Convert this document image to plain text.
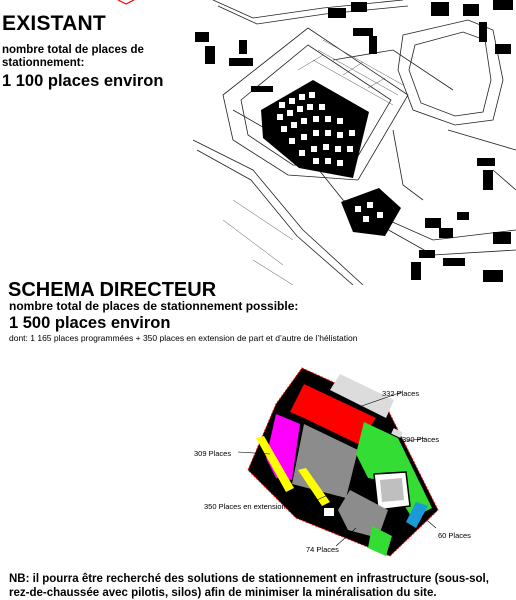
EXISTANT
nombre total de places de stationnement:
1 100 places environ
SCHEMA DIRECTEUR
nombre total de places de stationnement possible:
1 500 places environ
dont: 1 165 places programmées + 350 places en extension de part et d’autre de l’hélistation
332 Places
390 Places
309 Places
350 Places en extension
60 Places
74 Places
NB: il pourra être recherché des solutions de stationnement en infrastructure (sous-sol, rez-de-chaussée avec pilotis, silos) afin de minimiser la minéralisation du site.
